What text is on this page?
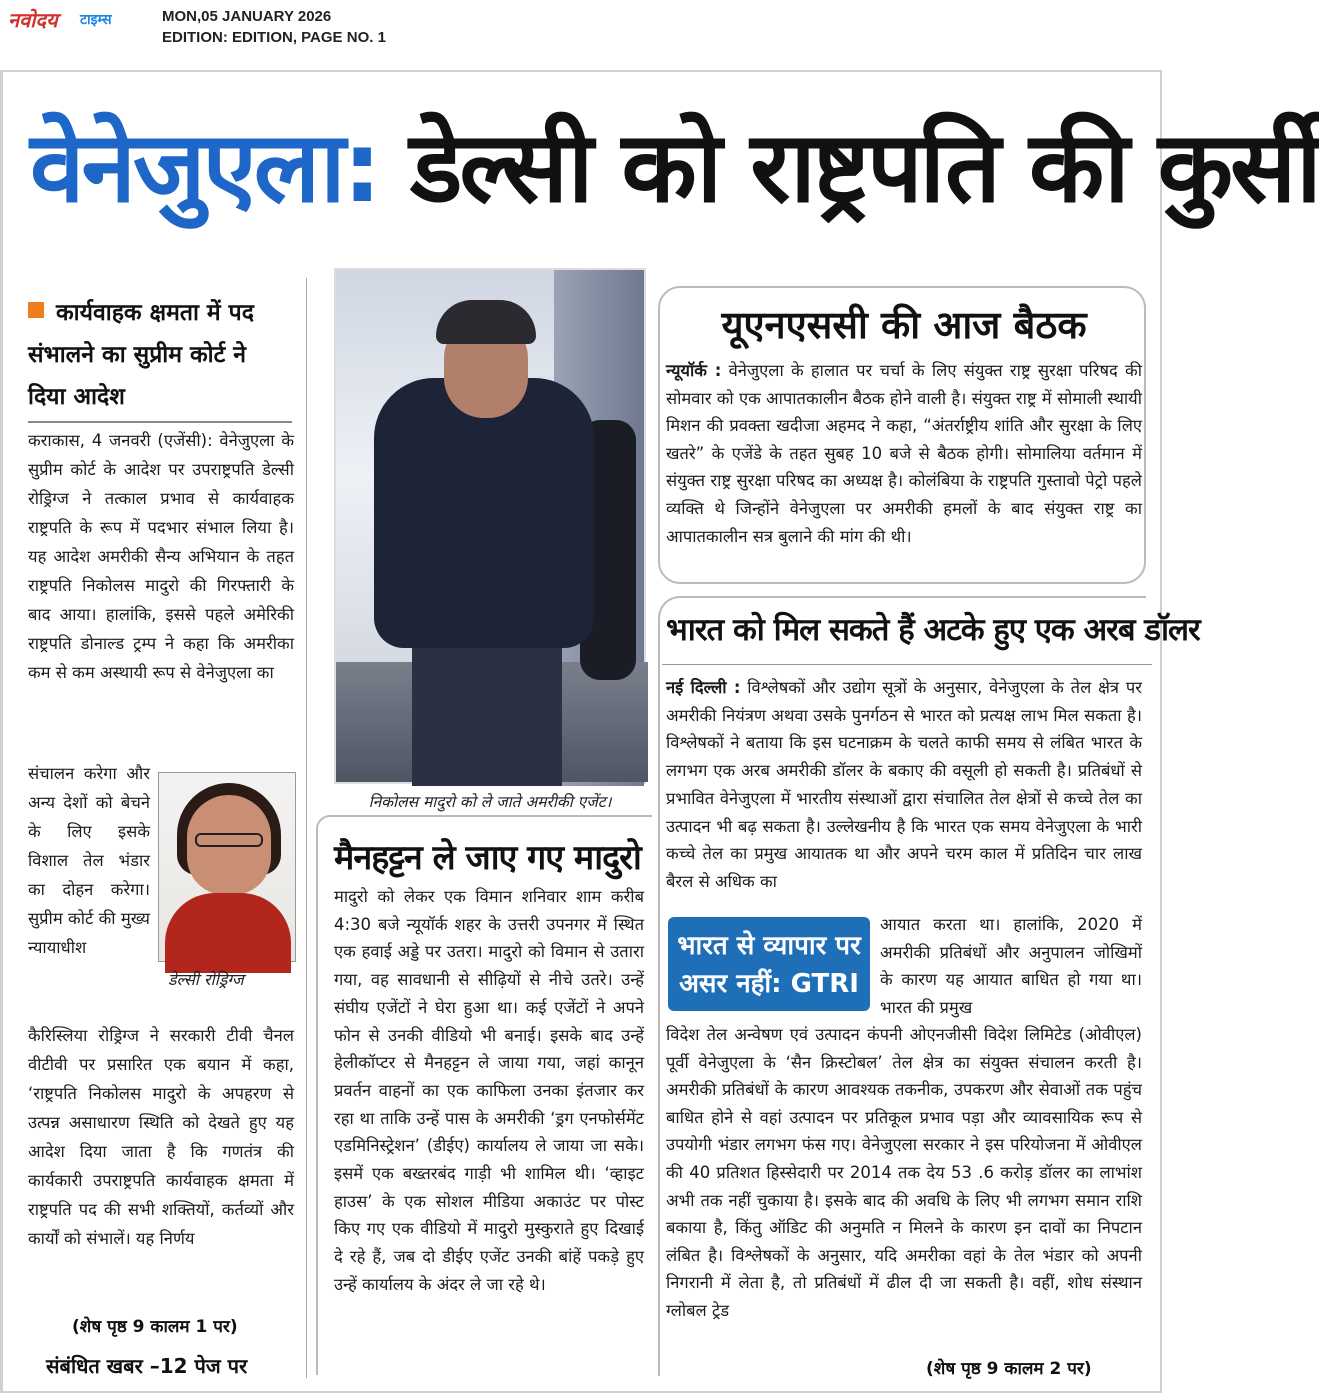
नवोदय टाइम्स	MON,05 JANUARY 2026
EDITION: EDITION, PAGE NO. 1
वेनेजुएला: डेल्सी को राष्ट्रपति की कुर्सी
कार्यवाहक क्षमता में पद संभालने का सुप्रीम कोर्ट ने दिया आदेश
कराकास, 4 जनवरी (एजेंसी): वेनेजुएला के सुप्रीम कोर्ट के आदेश पर उपराष्ट्रपति डेल्सी रोड्रिग्ज ने तत्काल प्रभाव से कार्यवाहक राष्ट्रपति के रूप में पदभार संभाल लिया है। यह आदेश अमरीकी सैन्य अभियान के तहत राष्ट्रपति निकोलस मादुरो की गिरफ्तारी के बाद आया। हालांकि, इससे पहले अमेरिकी राष्ट्रपति डोनाल्ड ट्रम्प ने कहा कि अमरीका कम से कम अस्थायी रूप से वेनेजुएला का
संचालन करेगा और अन्य देशों को बेचने के लिए इसके विशाल तेल भंडार का दोहन करेगा। सुप्रीम कोर्ट की मुख्य न्यायाधीश
डेल्सी रोड्रिग्ज
कैरिस्लिया रोड्रिग्ज ने सरकारी टीवी चैनल वीटीवी पर प्रसारित एक बयान में कहा, ‘राष्ट्रपति निकोलस मादुरो के अपहरण से उत्पन्न असाधारण स्थिति को देखते हुए यह आदेश दिया जाता है कि गणतंत्र की कार्यकारी उपराष्ट्रपति कार्यवाहक क्षमता में राष्ट्रपति पद की सभी शक्तियों, कर्तव्यों और कार्यों को संभालें। यह निर्णय
(शेष पृष्ठ 9 कालम 1 पर)
संबंधित खबर –12 पेज पर
निकोलस मादुरो को ले जाते अमरीकी एजेंट।
मैनहट्टन ले जाए गए मादुरो
मादुरो को लेकर एक विमान शनिवार शाम करीब 4:30 बजे न्यूयॉर्क शहर के उत्तरी उपनगर में स्थित एक हवाई अड्डे पर उतरा। मादुरो को विमान से उतारा गया, वह सावधानी से सीढ़ियों से नीचे उतरे। उन्हें संघीय एजेंटों ने घेरा हुआ था। कई एजेंटों ने अपने फोन से उनकी वीडियो भी बनाई। इसके बाद उन्हें हेलीकॉप्टर से मैनहट्टन ले जाया गया, जहां कानून प्रवर्तन वाहनों का एक काफिला उनका इंतजार कर रहा था ताकि उन्हें पास के अमरीकी ‘ड्रग एनफोर्समेंट एडमिनिस्ट्रेशन’ (डीईए) कार्यालय ले जाया जा सके। इसमें एक बख्तरबंद गाड़ी भी शामिल थी। ‘व्हाइट हाउस’ के एक सोशल मीडिया अकाउंट पर पोस्ट किए गए एक वीडियो में मादुरो मुस्कुराते हुए दिखाई दे रहे हैं, जब दो डीईए एजेंट उनकी बांहें पकड़े हुए उन्हें कार्यालय के अंदर ले जा रहे थे।
यूएनएससी की आज बैठक
न्यूयॉर्क : वेनेजुएला के हालात पर चर्चा के लिए संयुक्त राष्ट्र सुरक्षा परिषद की सोमवार को एक आपातकालीन बैठक होने वाली है। संयुक्त राष्ट्र में सोमाली स्थायी मिशन की प्रवक्ता खदीजा अहमद ने कहा, “अंतर्राष्ट्रीय शांति और सुरक्षा के लिए खतरे” के एजेंडे के तहत सुबह 10 बजे से बैठक होगी। सोमालिया वर्तमान में संयुक्त राष्ट्र सुरक्षा परिषद का अध्यक्ष है। कोलंबिया के राष्ट्रपति गुस्तावो पेट्रो पहले व्यक्ति थे जिन्होंने वेनेजुएला पर अमरीकी हमलों के बाद संयुक्त राष्ट्र का आपातकालीन सत्र बुलाने की मांग की थी।
भारत को मिल सकते हैं अटके हुए एक अरब डॉलर
नई दिल्ली : विश्लेषकों और उद्योग सूत्रों के अनुसार, वेनेजुएला के तेल क्षेत्र पर अमरीकी नियंत्रण अथवा उसके पुनर्गठन से भारत को प्रत्यक्ष लाभ मिल सकता है। विश्लेषकों ने बताया कि इस घटनाक्रम के चलते काफी समय से लंबित भारत के लगभग एक अरब अमरीकी डॉलर के बकाए की वसूली हो सकती है। प्रतिबंधों से प्रभावित वेनेजुएला में भारतीय संस्थाओं द्वारा संचालित तेल क्षेत्रों से कच्चे तेल का उत्पादन भी बढ़ सकता है। उल्लेखनीय है कि भारत एक समय वेनेजुएला के भारी कच्चे तेल का प्रमुख आयातक था और अपने चरम काल में प्रतिदिन चार लाख बैरल से अधिक का
भारत से व्यापार पर
असर नहीं: GTRI
आयात करता था। हालांकि, 2020 में अमरीकी प्रतिबंधों और अनुपालन जोखिमों के कारण यह आयात बाधित हो गया था। भारत की प्रमुख
विदेश तेल अन्वेषण एवं उत्पादन कंपनी ओएनजीसी विदेश लिमिटेड (ओवीएल) पूर्वी वेनेजुएला के ‘सैन क्रिस्टोबल’ तेल क्षेत्र का संयुक्त संचालन करती है। अमरीकी प्रतिबंधों के कारण आवश्यक तकनीक, उपकरण और सेवाओं तक पहुंच बाधित होने से वहां उत्पादन पर प्रतिकूल प्रभाव पड़ा और व्यावसायिक रूप से उपयोगी भंडार लगभग फंस गए। वेनेजुएला सरकार ने इस परियोजना में ओवीएल की 40 प्रतिशत हिस्सेदारी पर 2014 तक देय 53 .6 करोड़ डॉलर का लाभांश अभी तक नहीं चुकाया है। इसके बाद की अवधि के लिए भी लगभग समान राशि बकाया है, किंतु ऑडिट की अनुमति न मिलने के कारण इन दावों का निपटान लंबित है। विश्लेषकों के अनुसार, यदि अमरीका वहां के तेल भंडार को अपनी निगरानी में लेता है, तो प्रतिबंधों में ढील दी जा सकती है। वहीं, शोध संस्थान ग्लोबल ट्रेड
(शेष पृष्ठ 9 कालम 2 पर)
